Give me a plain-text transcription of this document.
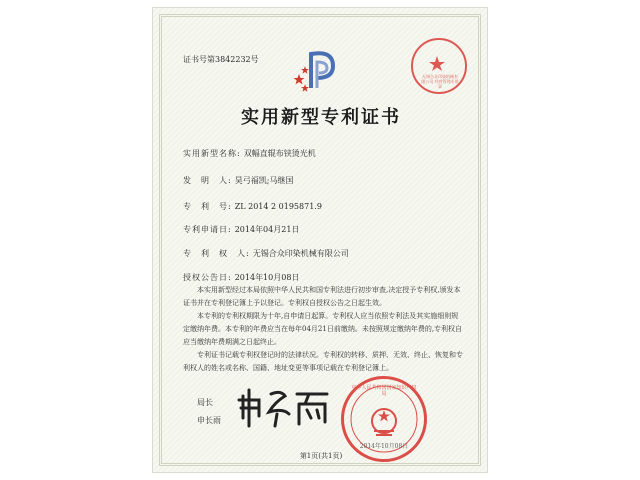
证书号第3842232号
无锡合众印染机械有限公司 经营管理专用章
实用新型专利证书
实用新型名称: 双幅直辊布铗烫光机
发　明　人: 昊弓福凯;马继国
专　利　号: ZL 2014 2 0195871.9
专利申请日: 2014年04月21日
专　利　权　人: 无锡合众印染机械有限公司
授权公告日: 2014年10月08日

本实用新型经过本局依照中华人民共和国专利法进行初步审查,决定授予专利权,颁发本证书并在专利登记簿上予以登记。专利权自授权公告之日起生效。

本专利的专利权期限为十年,自申请日起算。专利权人应当依照专利法及其实施细则规定缴纳年费。本专利的年费应当在每年04月21日前缴纳。未按照规定缴纳年费的,专利权自应当缴纳年费期满之日起终止。

专利证书记载专利权登记时的法律状况。专利权的转移、质押、无效、终止、恢复和专利权人的姓名或名称、国籍、地址变更等事项记载在专利登记簿上。

局长
申长雨
中华人民共和国国家知识产权局
2014年10月08日
第1页(共1页)
